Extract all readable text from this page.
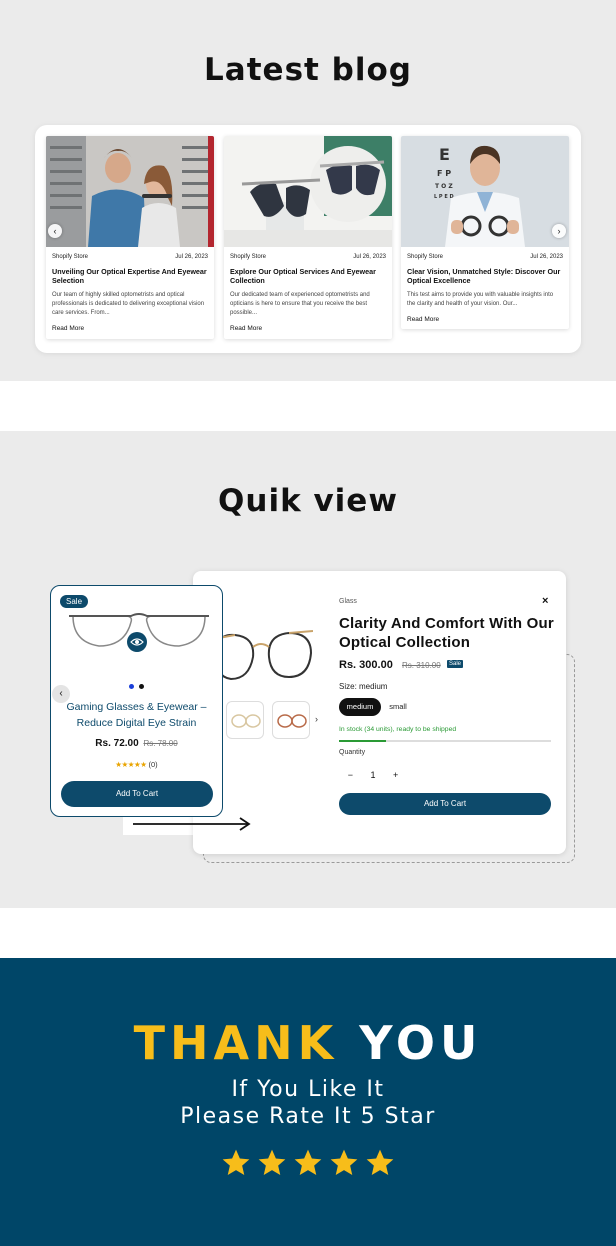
Latest blog
‹
Shopify Store	Jul 26, 2023
Unveiling Our Optical Expertise And Eyewear Selection
Our team of highly skilled optometrists and optical professionals is dedicated to delivering exceptional vision care services. From...
Read More
Shopify Store	Jul 26, 2023
Explore Our Optical Services And Eyewear Collection
Our dedicated team of experienced optometrists and opticians is here to ensure that you receive the best possible...
Read More
E
F P
T O Z
L P E D
›
Shopify Store	Jul 26, 2023
Clear Vision, Unmatched Style: Discover Our Optical Excellence
This test aims to provide you with valuable insights into the clarity and health of your vision. Our...
Read More
Quik view
›
Glass	×
Clarity And Comfort With Our Optical Collection
Rs. 300.00 Rs. 310.00	Sale
Size: medium
medium	small
In stock (34 units), ready to be shipped
Quantity
−	1	+
Add To Cart
Sale
‹
Gaming Glasses & Eyewear – Reduce Digital Eye Strain
Rs. 72.00 Rs. 78.00
★★★★★ (0)
Add To Cart
THANK YOU
If You Like It
Please Rate It 5 Star
